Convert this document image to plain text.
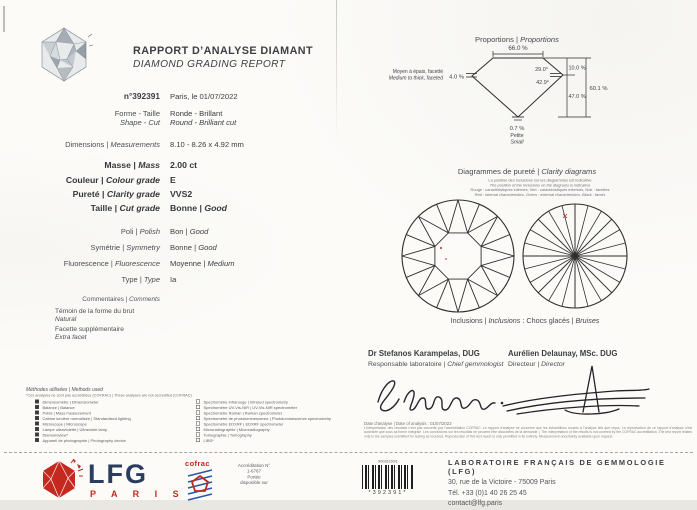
RAPPORT D’ANALYSE DIAMANT
DIAMOND GRADING REPORT
n°392391 Paris, le 01/07/2022
Forme - Taille
Shape - Cut
Ronde - Brillant
Round - Brilliant cut
Dimensions | Measurements 8.10 - 8.26 x 4.92 mm
Masse | Mass 2.00 ct
Couleur | Colour grade E
Pureté | Clarity grade VVS2
Taille | Cut grade Bonne | Good
Poli | Polish Bon | Good
Symétrie | Symmetry Bonne | Good
Fluorescence | Fluorescence Moyenne | Medium
Type | Type Ia
Commentaires | Comments
Témoin de la forme du brut
Natural
Facette supplémentaire
Extra facet
Méthodes utilisées | Methods used
*Ces analyses ne sont pas accréditées (COFRAC) | These analyses are not accredited (COFRAC)
Dimensomètre | Dimensiometer
Balance | Balance
Poids | Mass measurement
Cabine lumière normalisée | Standardised lighting
Microscope | Microscope
Lampe ultraviolette | Ultraviolet lamp
Diamondview*
Appareil de photographie | Photography device
Spectromètre infrarouge | Infrared spectrometry
Spectromètre UV-Vis-NIR | UV-Vis-NIR spectrometer
Spectromètre Raman | Raman spectrometer
Spectromètre de photoluminescence | Photoluminescence spectrometry
Spectromètre EDXRF | EDXRF spectrometer
Microradiographie | Microradiography
Tomographie | Tomography
LIBS*
Proportions | Proportions
66.0 %
10.0 %
47.0 %
60.1 %
29.0°
42.9°
4.0 %
Moyen à épais, facetté
Medium to thick, faceted
0.7 %
Petite
Small
Diagrammes de pureté | Clarity diagrams
La position des inclusions sur les diagrammes est indicative
The position of the inclusions on the diagrams is indicative
Rouge : caractéristiques internes, Vert : caractéristiques externes, Noir : facettes
Red : internal characteristics, Green : external characteristics, Black : facets
Inclusions | Inclusions : Chocs glacés | Bruises
Dr Stefanos Karampelas, DUG
Responsable laboratoire | Chief gemmologist
Aurélien Delaunay, MSc. DUG
Directeur | Director
Date d’analyse | Date of analysis : 01/07/2022
L’interprétation des résultats n’est pas couverte par l’accréditation COFRAC. Le rapport d’analyse ne concerne que les échantillons soumis à l’analyse tels que reçus. La reproduction de ce rapport d’analyse n’est autorisée que sous sa forme intégrale. Les conclusions sur les résultats ne peuvent être dissociées de la demande. | The interpretation of the results is not covered by the COFRAC accreditation. The test report relates only to the samples submitted for testing as received. Reproduction of this test report is only permitted in its entirety. Measurement uncertainty available upon request.
LFG
P A R I S
cofrac	Accréditation N°
1-6767
Portée
disponible sur
90031160/1
*392391*
LABORATOIRE FRANÇAIS DE GEMMOLOGIE (LFG)
30, rue de la Victoire - 75009 Paris
Tél. +33 (0)1 40 26 25 45
contact@lfg.paris
